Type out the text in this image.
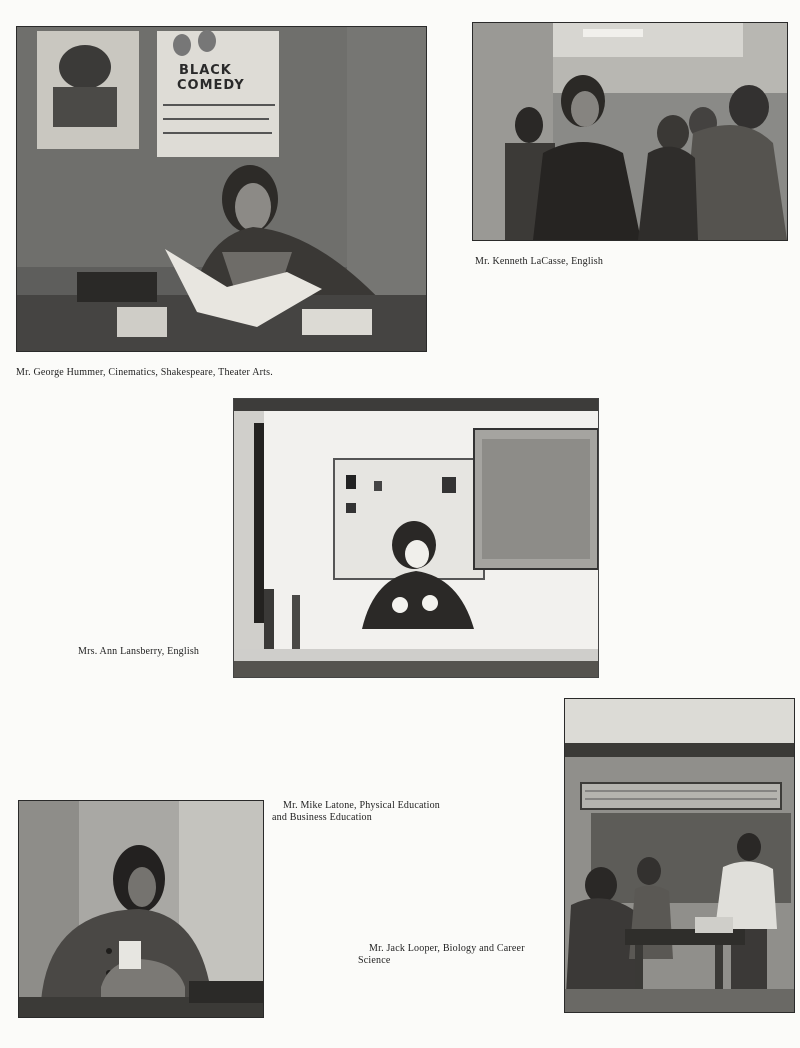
BLACK
COMEDY
Mr. George Hummer, Cinematics, Shakespeare, Theater Arts.
Mr. Kenneth LaCasse, English
Mrs. Ann Lansberry, English
Mr. Mike Latone, Physical Education
and Business Education
Mr. Jack Looper, Biology and Career
Science
